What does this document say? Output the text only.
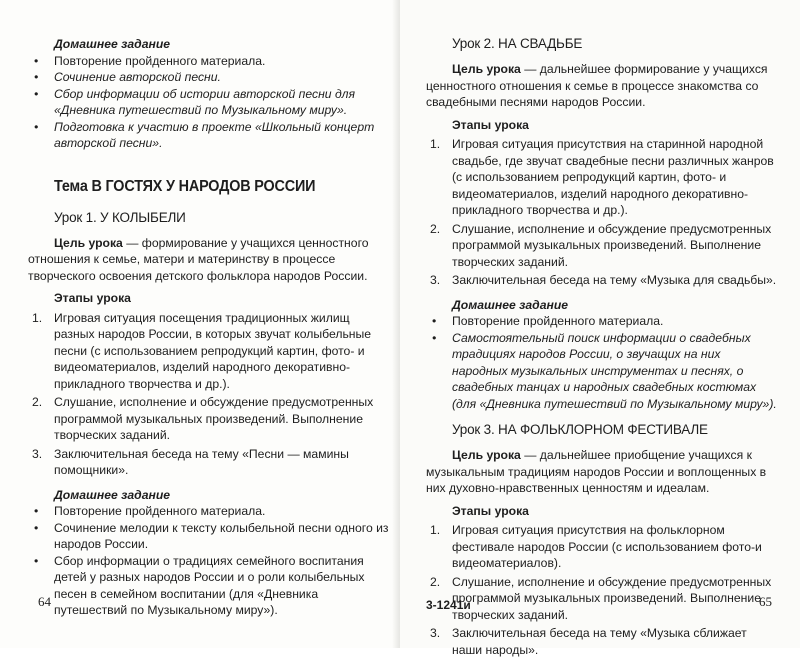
Домашнее задание

• Повторение пройденного материала.
• Сочинение авторской песни.
• Сбор информации об истории авторской песни для «Дневника путешествий по Музыкальному миру».
• Подготовка к участию в проекте «Школьный концерт авторской песни».
Тема В ГОСТЯХ У НАРОДОВ РОССИИ
Урок 1. У КОЛЫБЕЛИ

Цель урока — формирование у учащихся ценностного отношения к семье, матери и материнству в процессе творческого освоения детского фольклора народов России.

Этапы урока

1. Игровая ситуация посещения традиционных жилищ разных народов России, в которых звучат колыбельные песни (с использованием репродукций картин, фото- и видеоматериалов, изделий народного декоративно-прикладного творчества и др.).
2. Слушание, исполнение и обсуждение предусмотренных программой музыкальных произведений. Выполнение творческих заданий.
3. Заключительная беседа на тему «Песни — мамины помощники».

Домашнее задание

• Повторение пройденного материала.
• Сочинение мелодии к тексту колыбельной песни одного из народов России.
• Сбор информации о традициях семейного воспитания детей у разных народов России и о роли колыбельных песен в семейном воспитании (для «Дневника путешествий по Музыкальному миру»).
64
Урок 2. НА СВАДЬБЕ

Цель урока — дальнейшее формирование у учащихся ценностного отношения к семье в процессе знакомства со свадебными песнями народов России.

Этапы урока

1. Игровая ситуация присутствия на старинной народной свадьбе, где звучат свадебные песни различных жанров (с использованием репродукций картин, фото- и видеоматериалов, изделий народного декоративно-прикладного творчества и др.).
2. Слушание, исполнение и обсуждение предусмотренных программой музыкальных произведений. Выполнение творческих заданий.
3. Заключительная беседа на тему «Музыка для свадьбы».

Домашнее задание

• Повторение пройденного материала.
• Самостоятельный поиск информации о свадебных традициях народов России, о звучащих на них народных музыкальных инструментах и песнях, о свадебных танцах и народных свадебных костюмах (для «Дневника путешествий по Музыкальному миру»).
Урок 3. НА ФОЛЬКЛОРНОМ ФЕСТИВАЛЕ

Цель урока — дальнейшее приобщение учащихся к музыкальным традициям народов России и воплощенных в них духовно-нравственных ценностям и идеалам.

Этапы урока

1. Игровая ситуация присутствия на фольклорном фестивале народов России (с использованием фото-и видеоматериалов).
2. Слушание, исполнение и обсуждение предусмотренных программой музыкальных произведений. Выполнение творческих заданий.
3. Заключительная беседа на тему «Музыка сближает наши народы».
3-1241и	65
